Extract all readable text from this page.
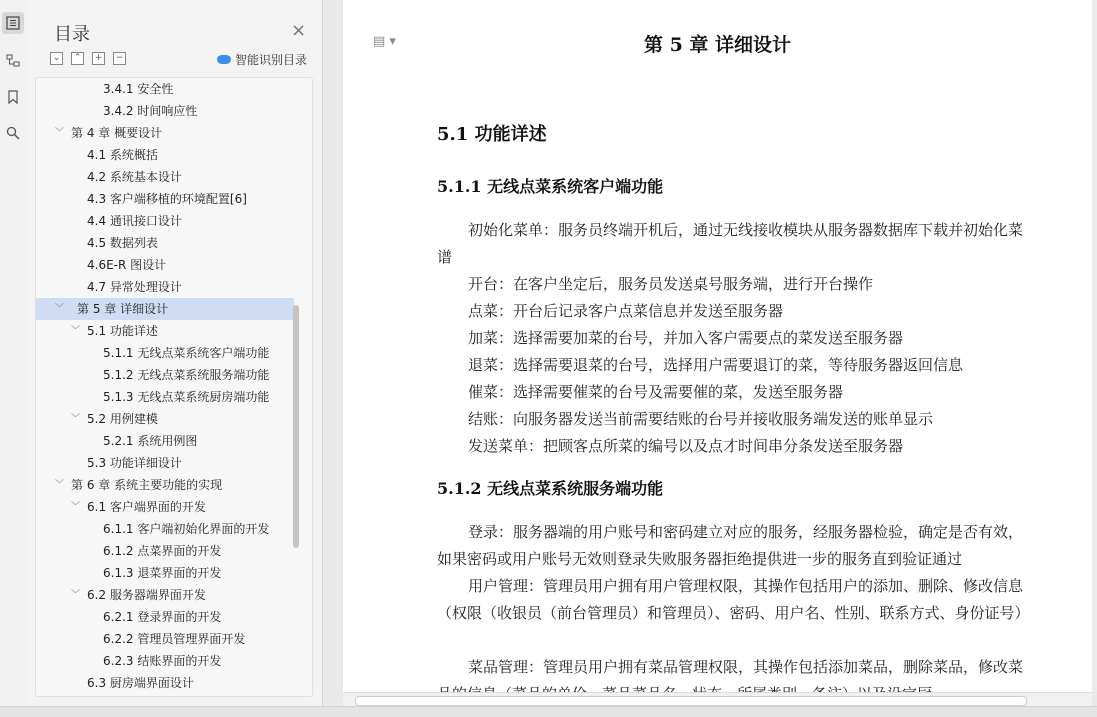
目录	×
⌄	⌃	+	−	智能识别目录
3.4.1 安全性
3.4.2 时间响应性
﹀ 第 4 章 概要设计
4.1 系统概括
4.2 系统基本设计
4.3 客户端移植的环境配置[6]
4.4 通讯接口设计
4.5 数据列表
4.6E-R 图设计
4.7 异常处理设计
﹀ 第 5 章 详细设计
﹀ 5.1 功能详述
5.1.1 无线点菜系统客户端功能
5.1.2 无线点菜系统服务端功能
5.1.3 无线点菜系统厨房端功能
﹀ 5.2 用例建模
5.2.1 系统用例图
5.3 功能详细设计
﹀ 第 6 章 系统主要功能的实现
﹀ 6.1 客户端界面的开发
6.1.1 客户端初始化界面的开发
6.1.2 点菜界面的开发
6.1.3 退菜界面的开发
﹀ 6.2 服务器端界面开发
6.2.1 登录界面的开发
6.2.2 管理员管理界面开发
6.2.3 结账界面的开发
6.3 厨房端界面设计
▤ ▾	第 5 章 详细设计
5.1 功能详述
5.1.1 无线点菜系统客户端功能

初始化菜单：服务员终端开机后，通过无线接收模块从服务器数据库下载并初始化菜谱

开台：在客户坐定后，服务员发送桌号服务端，进行开台操作

点菜：开台后记录客户点菜信息并发送至服务器

加菜：选择需要加菜的台号，并加入客户需要点的菜发送至服务器

退菜：选择需要退菜的台号，选择用户需要退订的菜，等待服务器返回信息

催菜：选择需要催菜的台号及需要催的菜，发送至服务器

结账：向服务器发送当前需要结账的台号并接收服务端发送的账单显示

发送菜单：把顾客点所菜的编号以及点才时间串分条发送至服务器

5.1.2 无线点菜系统服务端功能

登录：服务器端的用户账号和密码建立对应的服务，经服务器检验，确定是否有效，如果密码或用户账号无效则登录失败服务器拒绝提供进一步的服务直到验证通过

用户管理：管理员用户拥有用户管理权限，其操作包括用户的添加、删除、修改信息（权限（收银员（前台管理员）和管理员）、密码、用户名、性别、联系方式、身份证号）

菜品管理：管理员用户拥有菜品管理权限，其操作包括添加菜品，删除菜品，修改菜
